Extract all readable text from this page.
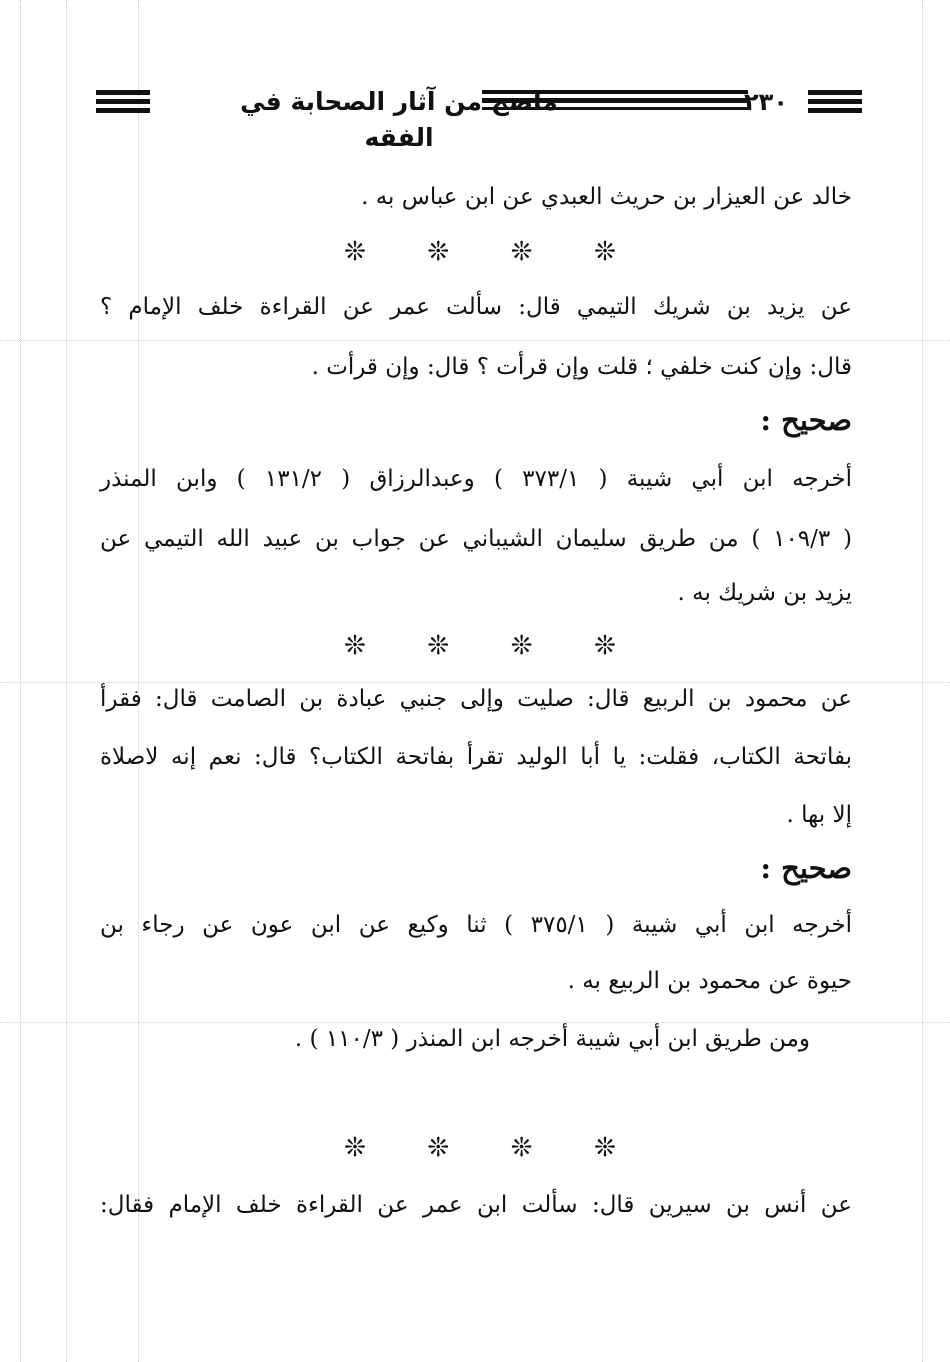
٢٣٠
ماصح من آثار الصحابة في الفقه
خالد عن العيزار بن حريث العبدي عن ابن عباس به .
❊
❊
❊
❊
عن يزيد بن شريك التيمي قال: سألت عمر عن القراءة خلف الإمام ؟
قال: وإن كنت خلفي ؛ قلت وإن قرأت ؟ قال: وإن قرأت .
صحيح :
أخرجه ابن أبي شيبة ( ٣٧٣/١ ) وعبدالرزاق ( ١٣١/٢ ) وابن المنذر
( ١٠٩/٣ ) من طريق سليمان الشيباني عن جواب بن عبيد الله التيمي عن
يزيد بن شريك به .
❊
❊
❊
❊
عن محمود بن الربيع قال: صليت وإلى جنبي عبادة بن الصامت قال: فقرأ
بفاتحة الكتاب، فقلت: يا أبا الوليد تقرأ بفاتحة الكتاب؟ قال: نعم إنه لاصلاة
إلا بها .
صحيح :
أخرجه ابن أبي شيبة ( ٣٧٥/١ ) ثنا وكيع عن ابن عون عن رجاء بن
حيوة عن محمود بن الربيع به .
ومن طريق ابن أبي شيبة أخرجه ابن المنذر ( ١١٠/٣ ) .
❊
❊
❊
❊
عن أنس بن سيرين قال: سألت ابن عمر عن القراءة خلف الإمام فقال:
